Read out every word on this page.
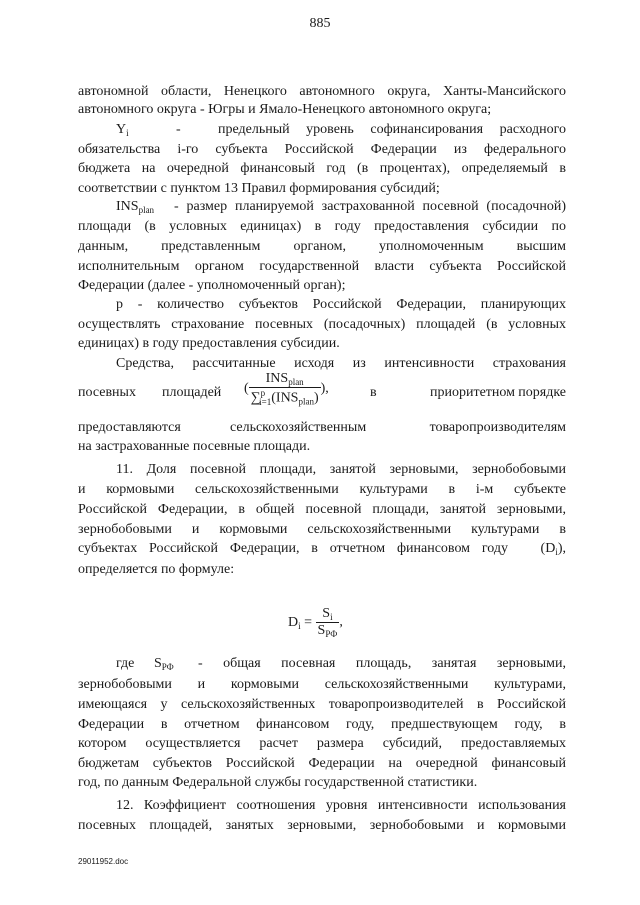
885
автономной области, Ненецкого автономного округа, Ханты-Мансийского
автономного округа - Югры и Ямало-Ненецкого автономного округа;
$Y_i$	-	предельный уровень софинансирования расходного
обязательства i-го субъекта Российской Федерации из федерального
бюджета на очередной финансовый год (в процентах), определяемый в
соответствии с пунктом 13 Правил формирования субсидий;
$INS_{plan}$ - размер планируемой застрахованной посевной (посадочной)
площади (в условных единицах) в году предоставления субсидии по
данным, представленным органом, уполномоченным высшим
исполнительным органом государственной власти субъекта Российской
Федерации (далее - уполномоченный орган);
р - количество субъектов Российской Федерации, планирующих
осуществлять страхование посевных (посадочных) площадей (в условных
единицах) в году предоставления субсидии.
Средства, рассчитанные исходя из интенсивности страхования
посевных площадей ( $\frac{INS_{plan}}{\sum^p_{i=1}(INS_{plan})}$ ),	в	приоритетном порядке
предоставляются	сельскохозяйственным	товаропроизводителям
на застрахованные посевные площади.
11. Доля посевной площади, занятой зерновыми, зернобобовыми
и кормовыми сельскохозяйственными культурами в i-м субъекте
Российской Федерации, в общей посевной площади, занятой зерновыми,
зернобобовыми и кормовыми сельскохозяйственными культурами в
субъектах Российской Федерации, в отчетном финансовом году $(D_i)$,
определяется по формуле:
$D_i = \frac{S_i}{S_{РФ}}$ ,
где $S_{РФ}$ - общая посевная площадь, занятая зерновыми,
зернобобовыми и кормовыми сельскохозяйственными культурами,
имеющаяся у сельскохозяйственных товаропроизводителей в Российской
Федерации в отчетном финансовом году, предшествующем году, в
котором осуществляется расчет размера субсидий, предоставляемых
бюджетам субъектов Российской Федерации на очередной финансовый
год, по данным Федеральной службы государственной статистики.
12. Коэффициент соотношения уровня интенсивности использования
посевных площадей, занятых зерновыми, зернобобовыми и кормовыми
29011952.doc
